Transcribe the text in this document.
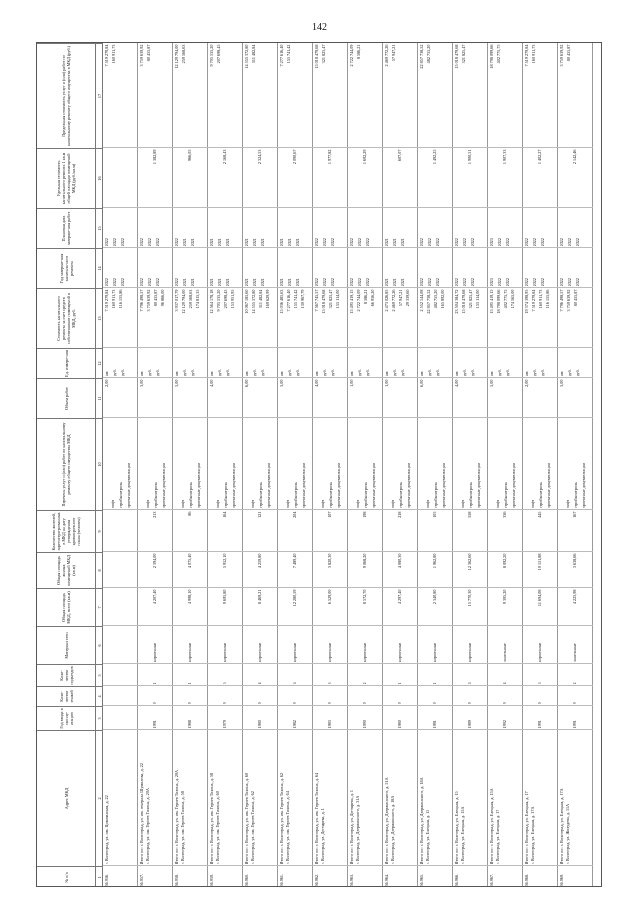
142
№ п/п
Адрес МКД
Год ввода в эксплу-атацию
Коли-чество этажей
Коли-чество подъездов
Материал стен
Общая площадь МКД, всего (кв.м)
Общая площадь жилых помещений МКД (кв.м)
Количество жителей, зарегистри-рованных в МКД на дату утверждения краткосрочного плана (человек)
Перечень услуг и (или) работ по капитальному ремонту общего имущества МКД
Объем работ
Ед. измере-ния
Стоимость капитального ремонта за счет средств собственников помещений в МКД, руб.
Год заверше-ния капиталь-ного ремонта
Плановая дата заверше-ния работ
Удельная стоимость капитального ремонта 1 кв.м общей площади помещений МКД (руб./кв.м)
Предельная стоимость услуг и (или) работ по капитальному ремонту общего имущества в МКД (руб.)
1
2
3
4
5
6
7
8
9
10
11
12
13
14
15
16
17
56.956.
г. Волгоград, ул. им. Цимлянская, д. 22
лифт стройконтроль проектные документации
2,00
шт. руб. руб.
7 519 279,84 160 911,73 116 155,86
2022 2022 2022
2022 2022 2022
7 519 279,84 160 911,73
56.957.
Итого по: г. Волгоград, ул. им. генерала Шумилова, д. 22 г. Волгоград, ул. им. Героев Тихона, д. 20А
1991
9
1
кирпичные
4 207,40
2 394,00
213
лифт стройконтроль проектные документации
3,00
шт. руб. руб.
7 796 498,57 3 759 639,92 80 455,87 96 866,00
2022 2022 2022
2022 2022 2022
1 382,89
3 759 639,92 80 455,87
56.958.
Итого по: г. Волгоград, ул. им. Героев Тихона, д. 20А г. Волгоград, ул. им. Героев Тихона, д. 58
1988
9
1
кирпичные
4 998,10
4 075,40
86
лифт стройконтроль проектные документации
5,00
шт. руб. руб.
3 937 017,79 12 129 794,00 259 568,63 174 815,35
2022 2021 2021
2022 2021 2021
966,05
12 129 794,00 259 568,63
56.959.
Итого по: г. Волгоград, ул. им. Героев Тихона, д. 58 г. Волгоград, ул. им. Героев Тихона, д. 60
1979
9
5
кирпичные
9 695,80
5 952,10
164
лифт стройконтроль проектные документации
4,00
шт. руб. руб.
12 564 178,18 9 705 535,20 207 698,45 153 951,95
2021 2021 2021
2021 2021 2021
2 168,43
9 705 535,20 207 698,45
56.960.
Итого по: г. Волгоград, ул. им. Героев Тихона, д. 60 г. Волгоград, ул. им. Героев Тихона, д. 62
1980
9
4
кирпичные
8 469,21
4 259,80
121
лифт стройконтроль проектные документации
6,00
шт. руб. руб.
10 067 185,60 14 555 372,80 311 482,84 169 629,99
2021 2021 2021
2021 2021 2021
2 324,53
14 555 372,80 311 482,84
56.961.
Итого по: г. Волгоград, ул. им. Героев Тихона, д. 62 г. Волгоград, ул. им. Героев Тихона, д. 64
1982
9
6
кирпичные
12 280,59
7 489,40
204
лифт стройконтроль проектные документации
3,00
шт. руб. руб.
15 036 485,63 7 277 616,40 155 741,42 130 967,79
2021 2021 2021
2021 2021 2021
2 090,67
7 277 616,40 155 741,42
56.962.
Итого по: г. Волгоград, ул. им. Героев Тихона, д. 64 г. Волгоград, ул. Дегтярева, д. 1
1983
9
3
кирпичные
6 529,00
3 820,30
107
лифт стройконтроль проектные документации
4,00
шт. руб. руб.
7 567 745,57 15 018 479,68 321 825,47 155 114,00
2022 2022 2022
2022 2022 2022
1 977,82
15 018 479,68 321 825,47
56.963.
Итого по: г. Волгоград, ул. Дегтярева, д. 1 г. Волгоград, ул. Дзержинского, д. 51А
1990
9
2
кирпичные
8 572,70
9 068,20
198
лифт стройконтроль проектные документации
1,00
шт. руб. руб.
15 495 419,15 2 722 744,09 8 586,21 66 956,20
2022 2022 2022
2022 2022 2022
1 692,29
2 722 744,09 8 586,21
56.964.
Итого по: г. Волгоград, ул. Дзержинского, д. 51А г. Волгоград, ул. Дзержинского, д. 18А
1980
9
1
кирпичные
4 297,40
4 080,30
218
лифт стройконтроль проектные документации
1,00
шт. руб. руб.
2 473 026,85 2 469 772,26 57 947,21 29 339,60
2021 2021 2021
2021 2021 2021
607,07
2 469 772,26 57 947,21
56.965.
Итого по: г. Волгоград, ул. Дзержинского, д. 18А г. Волгоград, ул. Елецкая, д. 15
1981
9
1
кирпичные
2 340,80
1 962,80
105
лифт стройконтроль проектные документации
6,00
шт. руб. руб.
2 552 144,08 22 857 738,52 482 755,20 165 892,00
2022 2022 2022
2022 2022 2022
1 492,25
22 857 738,52 482 755,20
56.966.
Итого по: г. Волгоград, ул. Елецкая, д. 15 г. Волгоград, ул. Елецкая, д. 15А
1989
9
6
кирпичные
15 770,30
12 362,60
558
лифт стройконтроль проектные документации
4,00
шт. руб. руб.
23 504 384,72 15 018 479,68 321 825,47 155 114,00
2022 2022 2022
2022 2022 2022
1 900,51
15 018 479,68 321 825,47
56.967.
Итого по: г. Волгоград, ул. Елецкая, д. 15А г. Волгоград, ул. Елецкая, д. 17
1992
9
4
панельные
9 395,20
8 092,20
336
лифт стройконтроль проектные документации
5,00
шт. руб. руб.
15 495 419,15 18 798 099,66 402 775,75 174 565,00
2023 2022 2022
2023 2022 2022
1 907,33
18 798 099,66 402 775,75
56.968.
Итого по: г. Волгоград, ул. Елецкая, д. 17 г. Волгоград, ул. Елецкая, д. 17А
1991
9
5
кирпичные
11 694,08
10 151,88
445
лифт стройконтроль проектные документации
2,00
шт. руб. руб.
19 374 398,95 7 519 279,84 160 911,73 116 155,86
2022 2022 2022
2022 2022 2022
1 402,27
7 519 279,84 160 911,73
56.969.
Итого по: г. Волгоград, ул. Елецкая, д. 17А г. Волгоград, ул. Жолудева, д. 11А
1991
9
2
панельные
4 225,98
3 638,66
167
лифт стройконтроль проектные документации
3,00
шт. руб. руб.
7 796 498,57 3 759 639,92 80 455,87
2022 2022 2022
2022 2022 2022
2 142,46
3 759 639,92 80 455,87
